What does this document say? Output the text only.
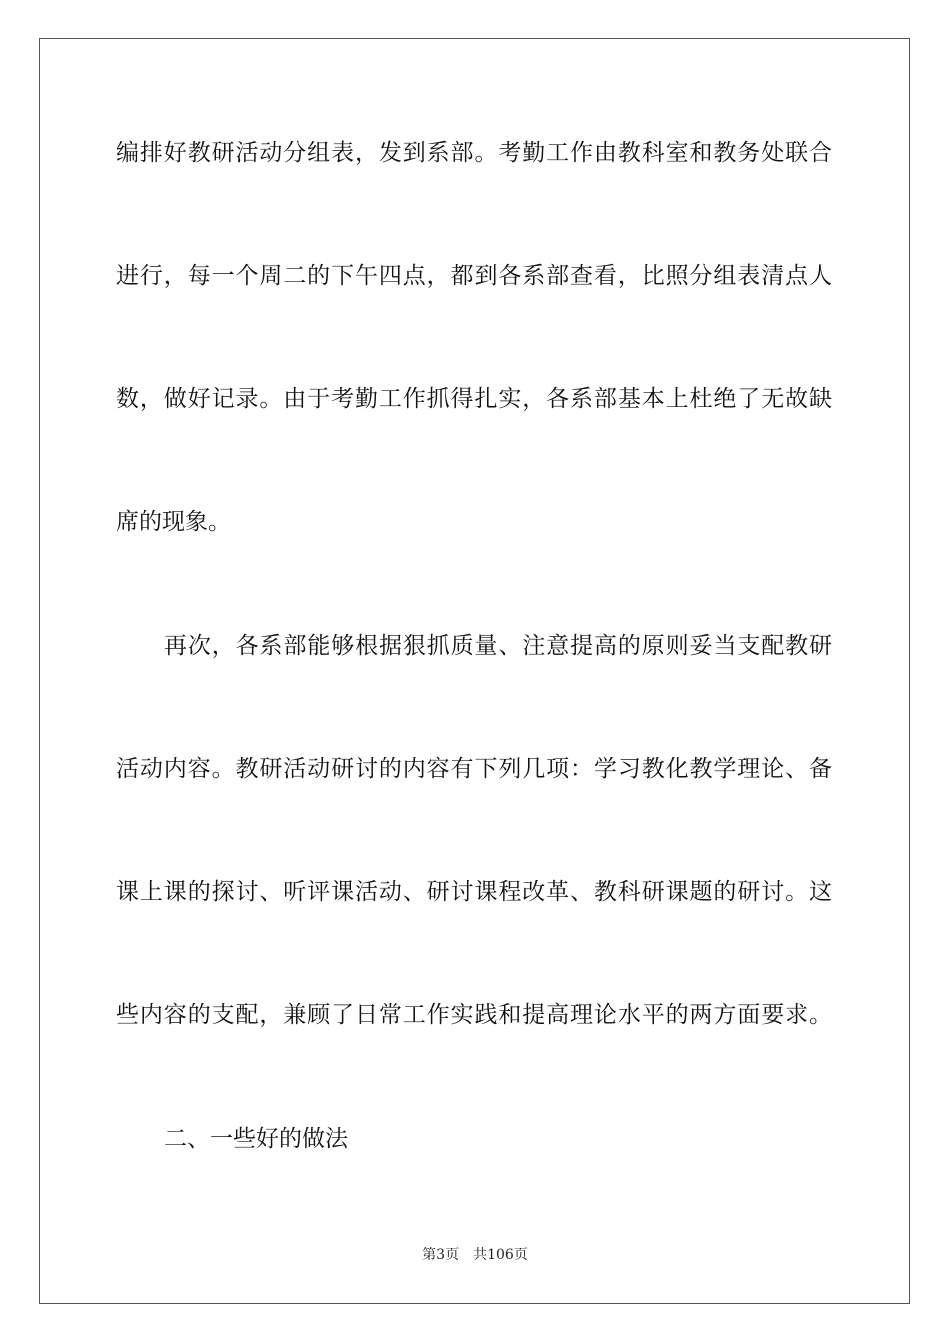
编排好教研活动分组表，发到系部。考勤工作由教科室和教务处联合
进行，每一个周二的下午四点，都到各系部查看，比照分组表清点人
数，做好记录。由于考勤工作抓得扎实，各系部基本上杜绝了无故缺
席的现象。
再次，各系部能够根据狠抓质量、注意提高的原则妥当支配教研
活动内容。教研活动研讨的内容有下列几项：学习教化教学理论、备
课上课的探讨、听评课活动、研讨课程改革、教科研课题的研讨。这
些内容的支配，兼顾了日常工作实践和提高理论水平的两方面要求。
二、一些好的做法
第3页 共106页
